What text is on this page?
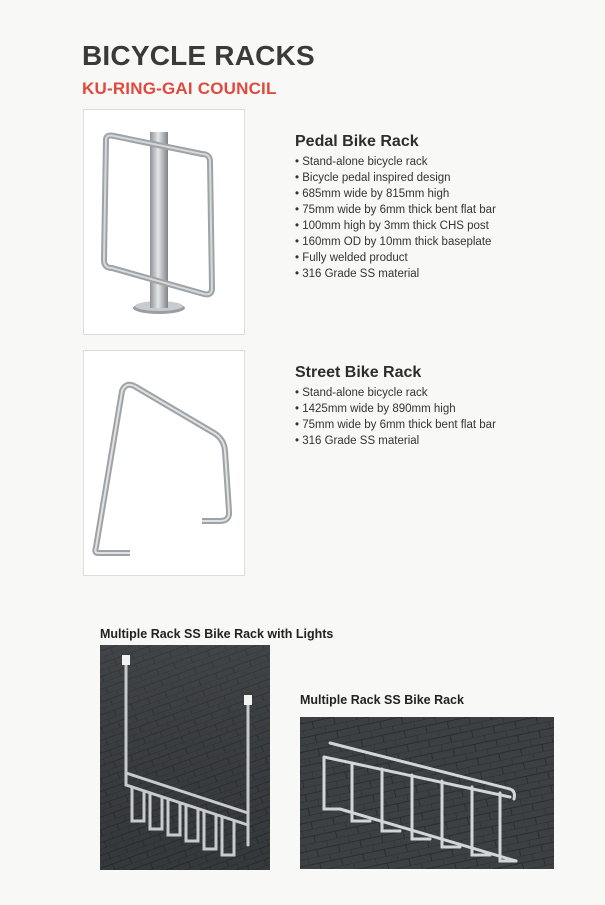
BICYCLE RACKS
KU-RING-GAI COUNCIL
Pedal Bike Rack
• Stand-alone bicycle rack
• Bicycle pedal inspired design
• 685mm wide by 815mm high
• 75mm wide by 6mm thick bent flat bar
• 100mm high by 3mm thick CHS post
• 160mm OD by 10mm thick baseplate
• Fully welded product
• 316 Grade SS material
Street Bike Rack
• Stand-alone bicycle rack
• 1425mm wide by 890mm high
• 75mm wide by 6mm thick bent flat bar
• 316 Grade SS material
Multiple Rack SS Bike Rack with Lights
Multiple Rack SS Bike Rack
